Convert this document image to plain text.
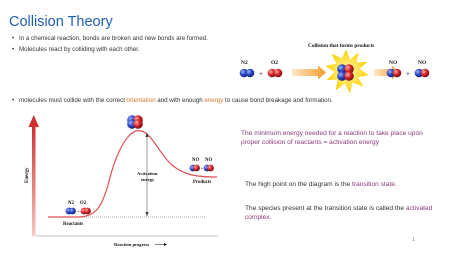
Collision Theory
• In a chemical reaction, bonds are broken and new bonds are formed.
• Molecules react by colliding with each other.
• molecules must collide with the correct orientation and with enough energy to cause bond breakage and formation.
Collision that forms products
N2	O2
+
NO	NO
+
Energy
Reaction progress
Activation
energy
N2 O2
+
Reactants
NO NO
+
Products
The minimum energy needed for a reaction to take place upon proper collision of reactants = activation energy
The high point on the diagram is the transition state.
The species present at the transition state is called the activated complex.
1
